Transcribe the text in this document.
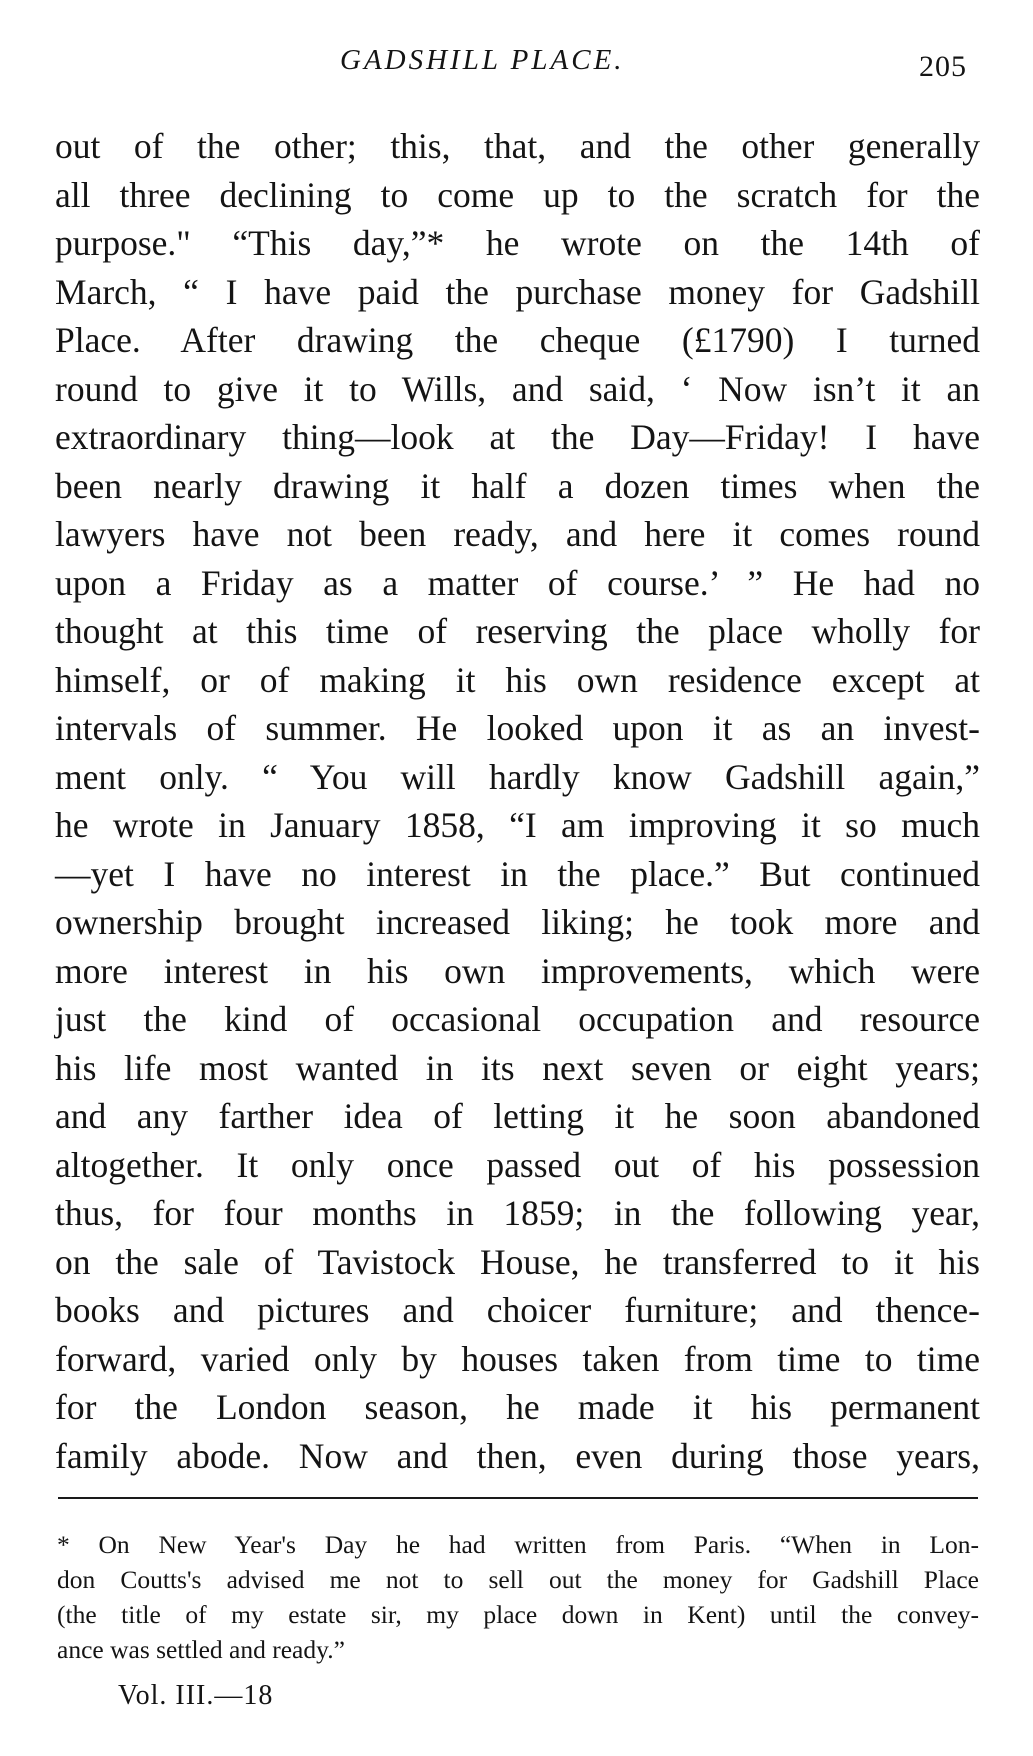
GADSHILL PLACE.	205
out of the other; this, that, and the other generally
all three declining to come up to the scratch for the
purpose." “This day,”* he wrote on the 14th of
March, “ I have paid the purchase money for Gadshill
Place. After drawing the cheque (£1790) I turned
round to give it to Wills, and said, ‘ Now isn’t it an
extraordinary thing—look at the Day—Friday! I have
been nearly drawing it half a dozen times when the
lawyers have not been ready, and here it comes round
upon a Friday as a matter of course.’ ” He had no
thought at this time of reserving the place wholly for
himself, or of making it his own residence except at
intervals of summer. He looked upon it as an invest-
ment only. “ You will hardly know Gadshill again,”
he wrote in January 1858, “I am improving it so much
—yet I have no interest in the place.” But continued
ownership brought increased liking; he took more and
more interest in his own improvements, which were
just the kind of occasional occupation and resource
his life most wanted in its next seven or eight years;
and any farther idea of letting it he soon abandoned
altogether. It only once passed out of his possession
thus, for four months in 1859; in the following year,
on the sale of Tavistock House, he transferred to it his
books and pictures and choicer furniture; and thence-
forward, varied only by houses taken from time to time
for the London season, he made it his permanent
family abode. Now and then, even during those years,
* On New Year's Day he had written from Paris. “When in Lon-
don Coutts's advised me not to sell out the money for Gadshill Place
(the title of my estate sir, my place down in Kent) until the convey-
ance was settled and ready.”
Vol. III.—18
